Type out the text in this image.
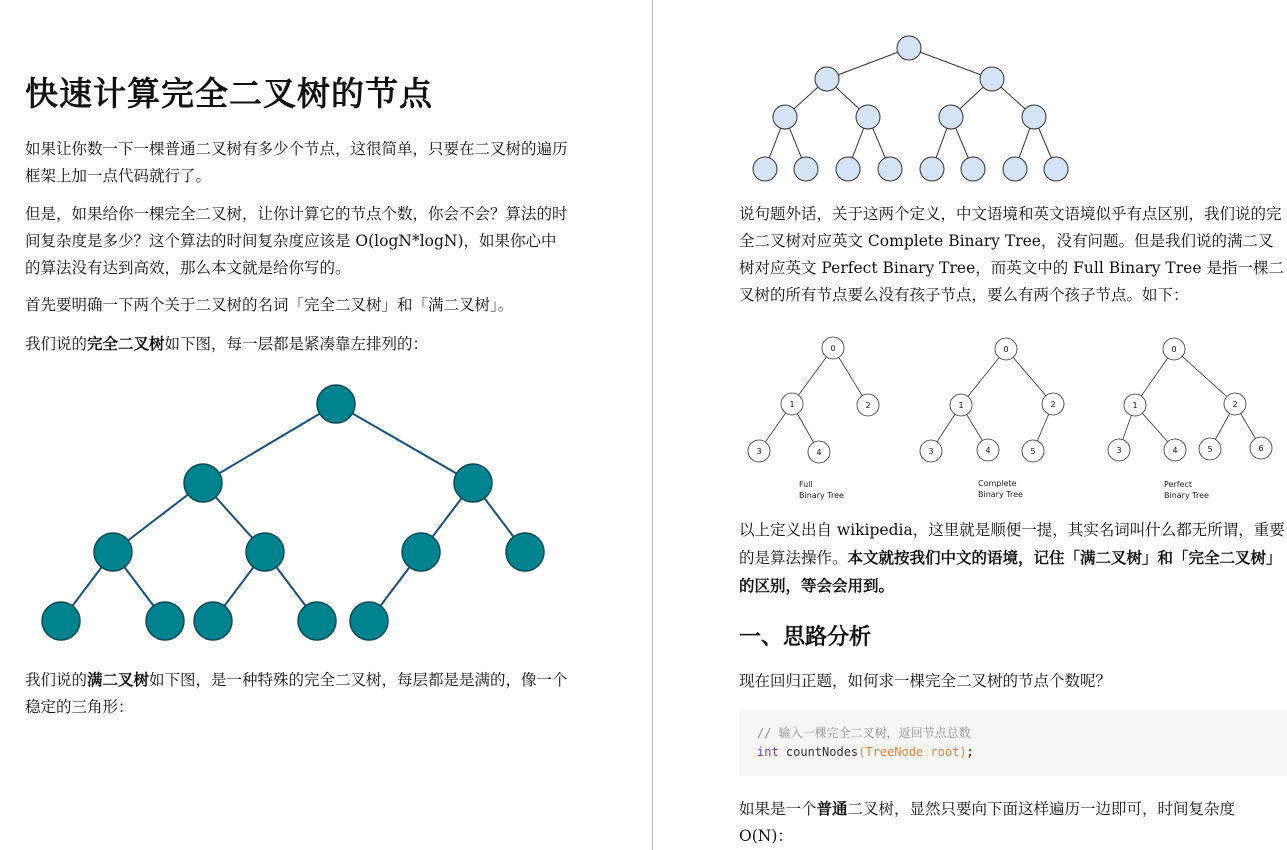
快速计算完全二叉树的节点
如果让你数一下一棵普通二叉树有多少个节点，这很简单，只要在二叉树的遍历框架上加一点代码就行了。
但是，如果给你一棵完全二叉树，让你计算它的节点个数，你会不会？算法的时间复杂度是多少？这个算法的时间复杂度应该是 O(logN*logN)，如果你心中的算法没有达到高效，那么本文就是给你写的。
首先要明确一下两个关于二叉树的名词「完全二叉树」和「满二叉树」。
我们说的完全二叉树如下图，每一层都是紧凑靠左排列的：
我们说的满二叉树如下图，是一种特殊的完全二叉树，每层都是是满的，像一个稳定的三角形：
说句题外话，关于这两个定义，中文语境和英文语境似乎有点区别，我们说的完全二叉树对应英文 Complete Binary Tree，没有问题。但是我们说的满二叉树对应英文 Perfect Binary Tree，而英文中的 Full Binary Tree 是指一棵二叉树的所有节点要么没有孩子节点，要么有两个孩子节点。如下：
0
1	2
3	4
Full
Binary Tree
0
1	2
3	4	5
Complete
Binary Tree
0
1	2
3	4	5	6
Perfect
Binary Tree
以上定义出自 wikipedia，这里就是顺便一提，其实名词叫什么都无所谓，重要的是算法操作。本文就按我们中文的语境，记住「满二叉树」和「完全二叉树」的区别，等会会用到。
一、思路分析
现在回归正题，如何求一棵完全二叉树的节点个数呢？
// 输入一棵完全二叉树，返回节点总数
int countNodes(TreeNode root);
如果是一个普通二叉树，显然只要向下面这样遍历一边即可，时间复杂度 O(N)：
